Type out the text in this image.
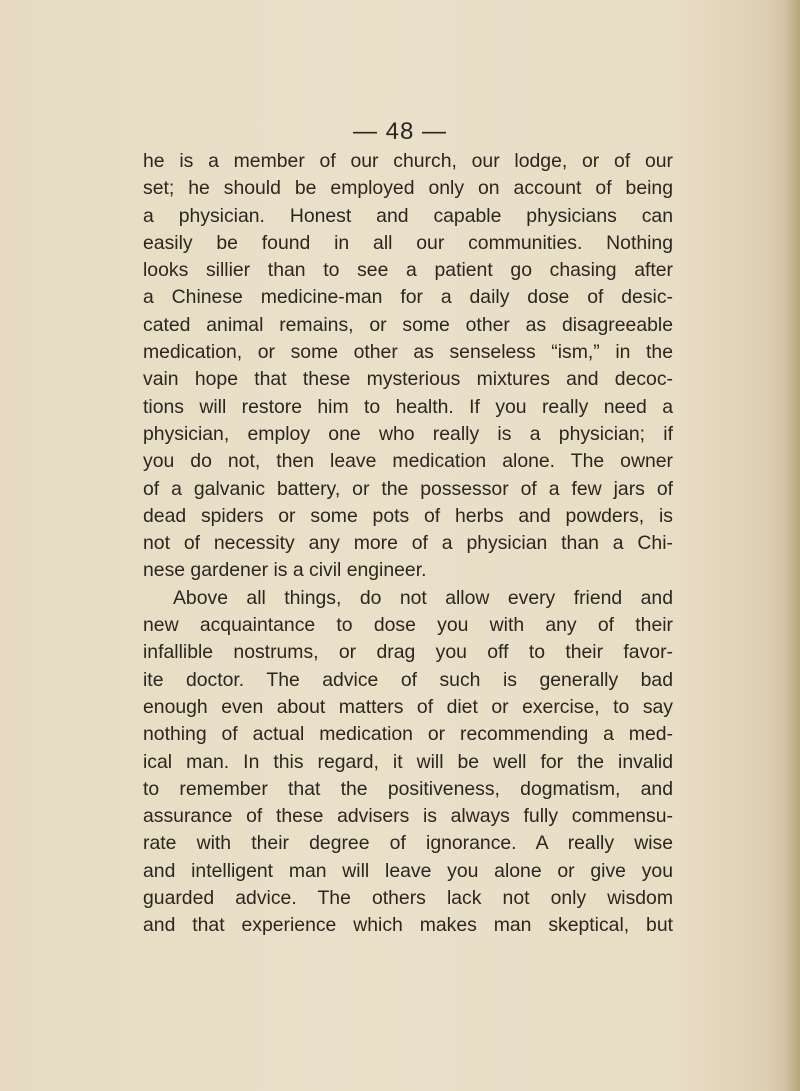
— 48 —
he is a member of our church, our lodge, or of our
set; he should be employed only on account of being
a physician. Honest and capable physicians can
easily be found in all our communities. Nothing
looks sillier than to see a patient go chasing after
a Chinese medicine-man for a daily dose of desic-
cated animal remains, or some other as disagreeable
medication, or some other as senseless “ism,” in the
vain hope that these mysterious mixtures and decoc-
tions will restore him to health. If you really need a
physician, employ one who really is a physician; if
you do not, then leave medication alone. The owner
of a galvanic battery, or the possessor of a few jars of
dead spiders or some pots of herbs and powders, is
not of necessity any more of a physician than a Chi-
nese gardener is a civil engineer.
Above all things, do not allow every friend and
new acquaintance to dose you with any of their
infallible nostrums, or drag you off to their favor-
ite doctor. The advice of such is generally bad
enough even about matters of diet or exercise, to say
nothing of actual medication or recommending a med-
ical man. In this regard, it will be well for the invalid
to remember that the positiveness, dogmatism, and
assurance of these advisers is always fully commensu-
rate with their degree of ignorance. A really wise
and intelligent man will leave you alone or give you
guarded advice. The others lack not only wisdom
and that experience which makes man skeptical, but
